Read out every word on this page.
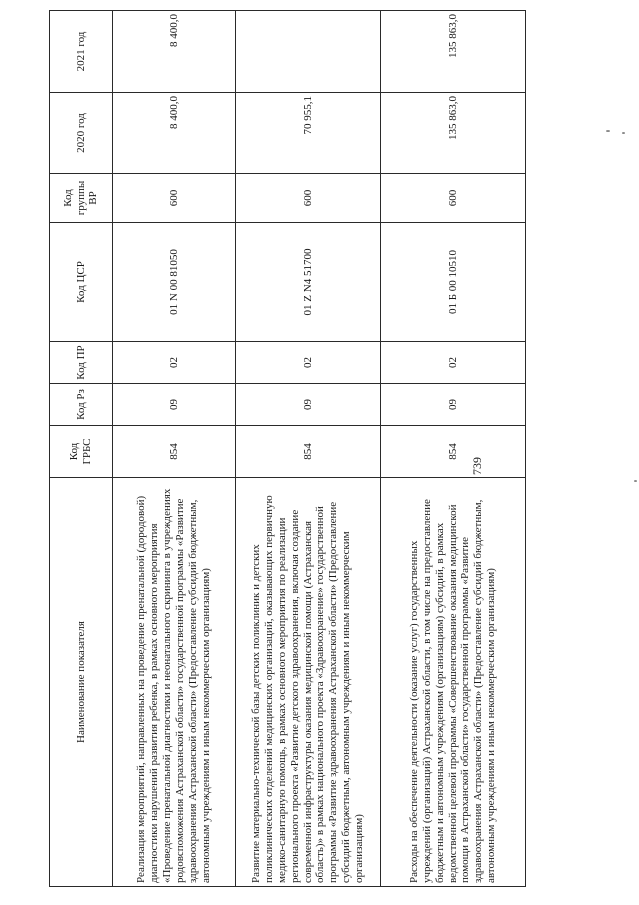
739
Наименование показателя	Код ГРБС	Код Рз	Код ПР	Код ЦСР	Код группы ВР	2020 год	2021 год
Реализация мероприятий, направленных на проведение пренатальной (дородовой) диагностики нарушений развития ребенка, в рамках основного мероприятия «Проведение пренатальной диагностики и неонатального скрининга в учреждениях родовспоможения Астраханской области» государственной программы «Развитие здравоохранения Астраханской области» (Предоставление субсидий бюджетным, автономным учреждениям и иным некоммерческим организациям)	854	09	02	01 N 00 81050	600	8 400,0	8 400,0
Развитие материально-технической базы детских поликлиник и детских поликлинических отделений медицинских организаций, оказывающих первичную медико-санитарную помощь, в рамках основного мероприятия по реализации регионального проекта «Развитие детского здравоохранения, включая создание современной инфраструктуры оказания медицинской помощи (Астраханская область)» в рамках национального проекта «Здравоохранение» государственной программы «Развитие здравоохранения Астраханской области» (Предоставление субсидий бюджетным, автономным учреждениям и иным некоммерческим организациям)	854	09	02	01 Z N4 51700	600	70 955,1	
Расходы на обеспечение деятельности (оказание услуг) государственных учреждений (организаций) Астраханской области, в том числе на предоставление бюджетным и автономным учреждениям (организациям) субсидий, в рамках ведомственной целевой программы «Совершенствование оказания медицинской помощи в Астраханской области» государственной программы «Развитие здравоохранения Астраханской области» (Предоставление субсидий бюджетным, автономным учреждениям и иным некоммерческим организациям)	854	09	02	01 Б 00 10510	600	135 863,0	135 863,0
